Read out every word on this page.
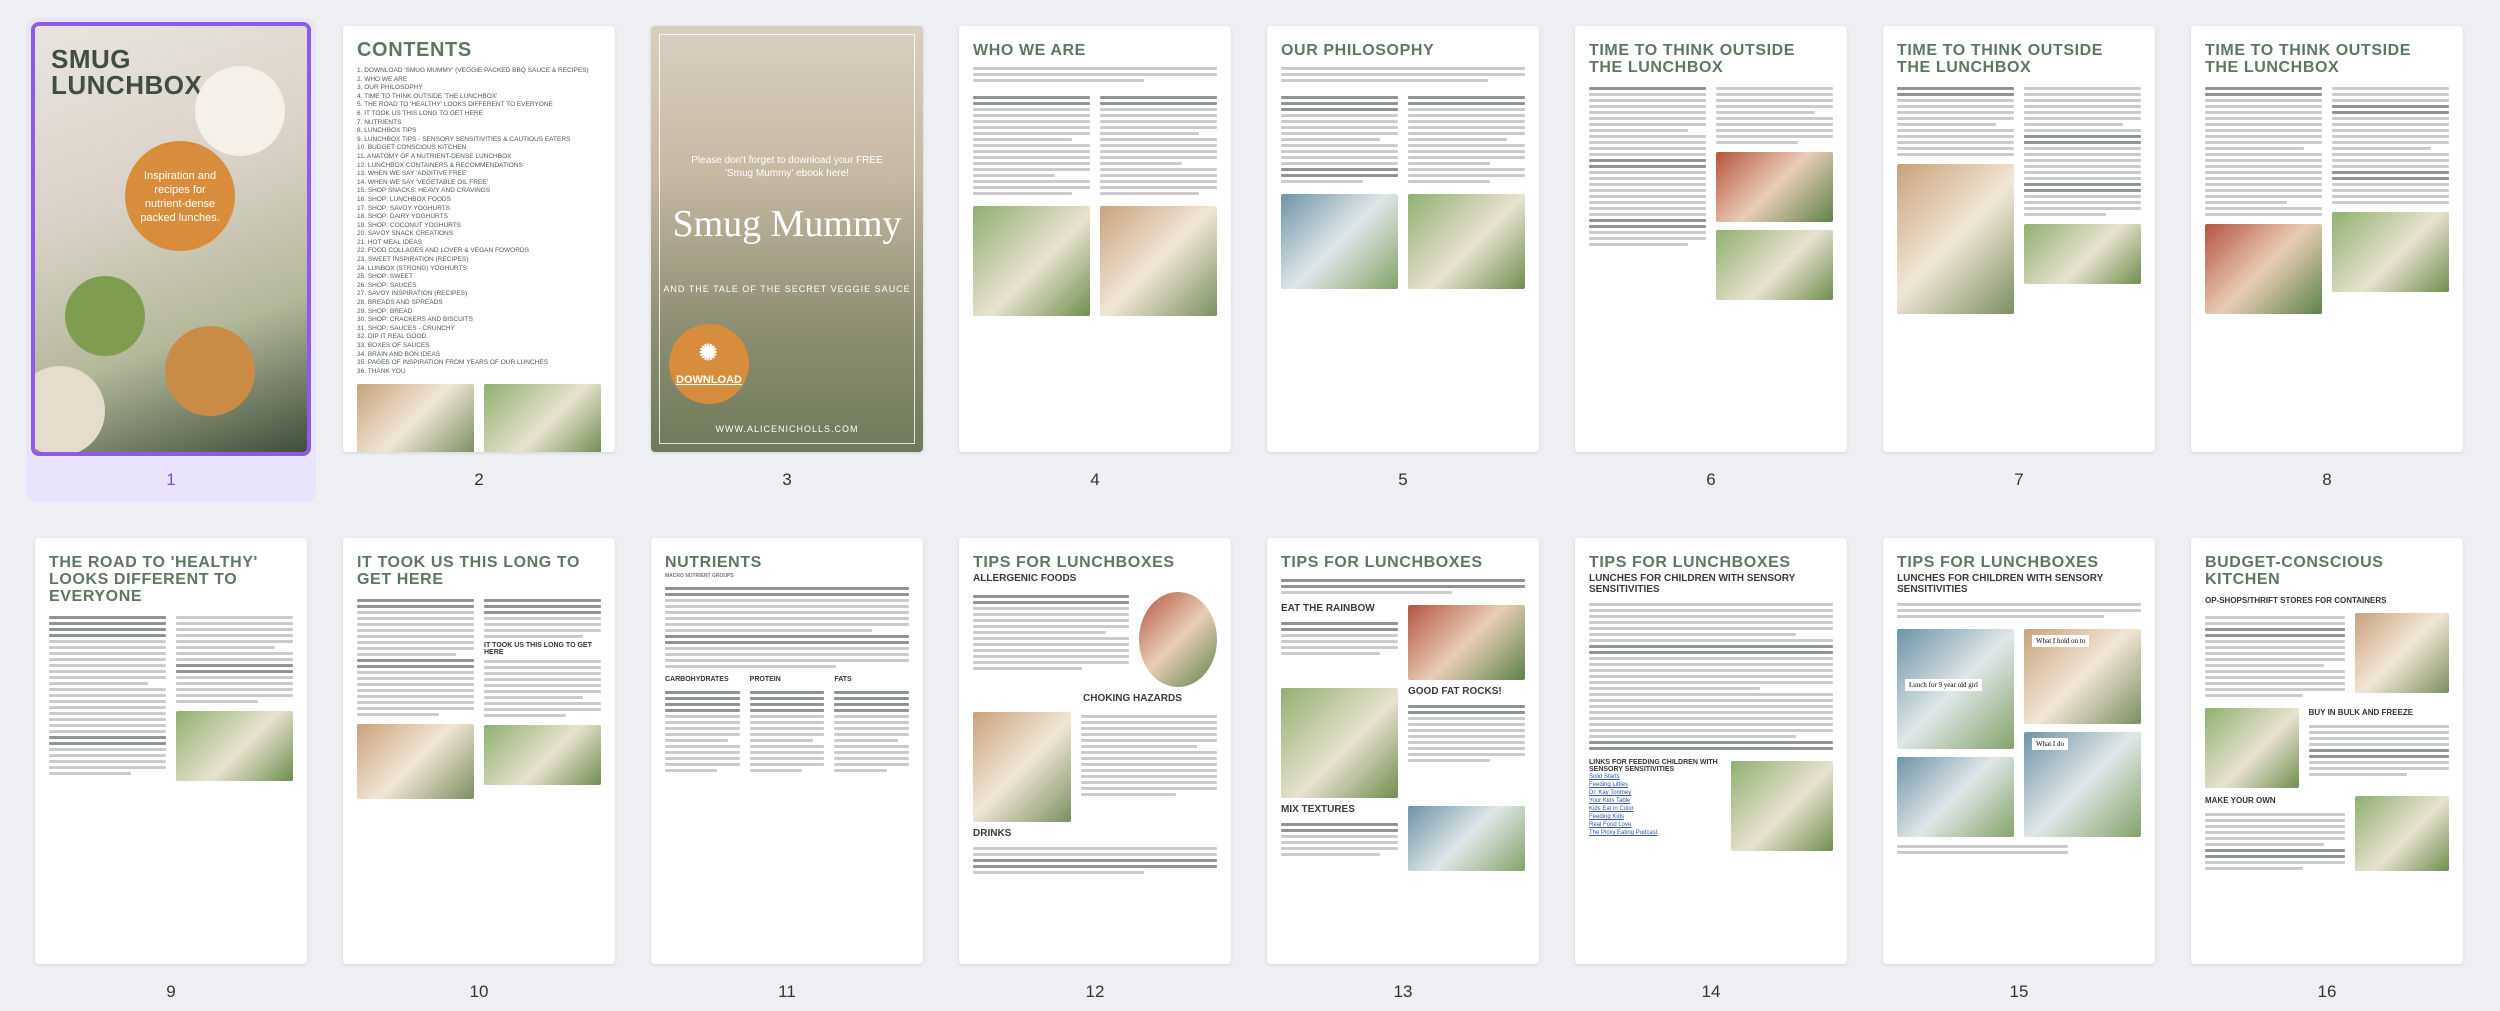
SMUG LUNCHBOX
Inspiration and recipes for nutrient-dense packed lunches.
1
CONTENTS
1. DOWNLOAD 'SMUG MUMMY' (VEGGIE PACKED BBQ SAUCE & RECIPES)
2. WHO WE ARE
3. OUR PHILOSOPHY
4. TIME TO THINK OUTSIDE 'THE LUNCHBOX'
5. THE ROAD TO 'HEALTHY' LOOKS DIFFERENT TO EVERYONE
6. IT TOOK US THIS LONG TO GET HERE
7. NUTRIENTS
8. LUNCHBOX TIPS
9. LUNCHBOX TIPS - SENSORY SENSITIVITIES & CAUTIOUS EATERS
10. BUDGET CONSCIOUS KITCHEN
11. ANATOMY OF A NUTRIENT-DENSE LUNCHBOX
12. LUNCHBOX CONTAINERS & RECOMMENDATIONS
13. WHEN WE SAY 'ADDITIVE FREE'
14. WHEN WE SAY 'VEGETABLE OIL FREE'
15. SHOP SNACKS: HEAVY AND CRAVINGS
16. SHOP: LUNCHBOX FOODS
17. SHOP: SAVOY YOGHURTS
18. SHOP: DAIRY YOGHURTS
19. SHOP: COCONUT YOGHURTS
20. SAVOY SNACK CREATIONS
21. HOT MEAL IDEAS
22. FOOD COLLAGES AND LOVER & VEGAN FOWORDS
23. SWEET INSPIRATION (RECIPES)
24. LUNBOX (STRONG) YOGHURTS
25. SHOP: SWEET
26. SHOP: SAUCES
27. SAVOY INSPIRATION (RECIPES)
28. BREADS AND SPREADS
29. SHOP: BREAD
30. SHOP: CRACKERS AND BISCUITS
31. SHOP: SAUCES - CRUNCHY
32. DIP IT REAL GOOD
33. BOXES OF SAUCES
34. BRAIN AND BON IDEAS
35. PAGES OF INSPIRATION FROM YEARS OF OUR LUNCHES
36. THANK YOU
2
Please don't forget to download your FREE 'Smug Mummy' ebook here!
Smug Mummy
AND THE TALE OF THE SECRET VEGGIE SAUCE
✺
DOWNLOAD
WWW.ALICENICHOLLS.COM
3
WHO WE ARE
4
OUR PHILOSOPHY
5
TIME TO THINK OUTSIDE THE LUNCHBOX
6
TIME TO THINK OUTSIDE THE LUNCHBOX
7
TIME TO THINK OUTSIDE THE LUNCHBOX
8
THE ROAD TO 'HEALTHY' LOOKS DIFFERENT TO EVERYONE
9
IT TOOK US THIS LONG TO GET HERE
IT TOOK US THIS LONG TO GET HERE
10
NUTRIENTS
MACRO NUTRIENT GROUPS
CARBOHYDRATES	PROTEIN	FATS
11
TIPS FOR LUNCHBOXES
ALLERGENIC FOODS
CHOKING HAZARDS
DRINKS
12
TIPS FOR LUNCHBOXES
EAT THE RAINBOW
GOOD FAT ROCKS!
MIX TEXTURES
13
TIPS FOR LUNCHBOXES
LUNCHES FOR CHILDREN WITH SENSORY SENSITIVITIES
LINKS FOR FEEDING CHILDREN WITH SENSORY SENSITIVITIES
Solid Starts
Feeding Littles
Dr. Kay Toomey
Your Kids Table
Kids Eat in Color
Feeding Kids
Real Food Love
The Picky Eating Podcast
14
TIPS FOR LUNCHBOXES
LUNCHES FOR CHILDREN WITH SENSORY SENSITIVITIES
Lunch for 9 year old girl
What I hold on to
What I do
15
BUDGET-CONSCIOUS KITCHEN
OP-SHOPS/THRIFT STORES FOR CONTAINERS
BUY IN BULK AND FREEZE
MAKE YOUR OWN
16
